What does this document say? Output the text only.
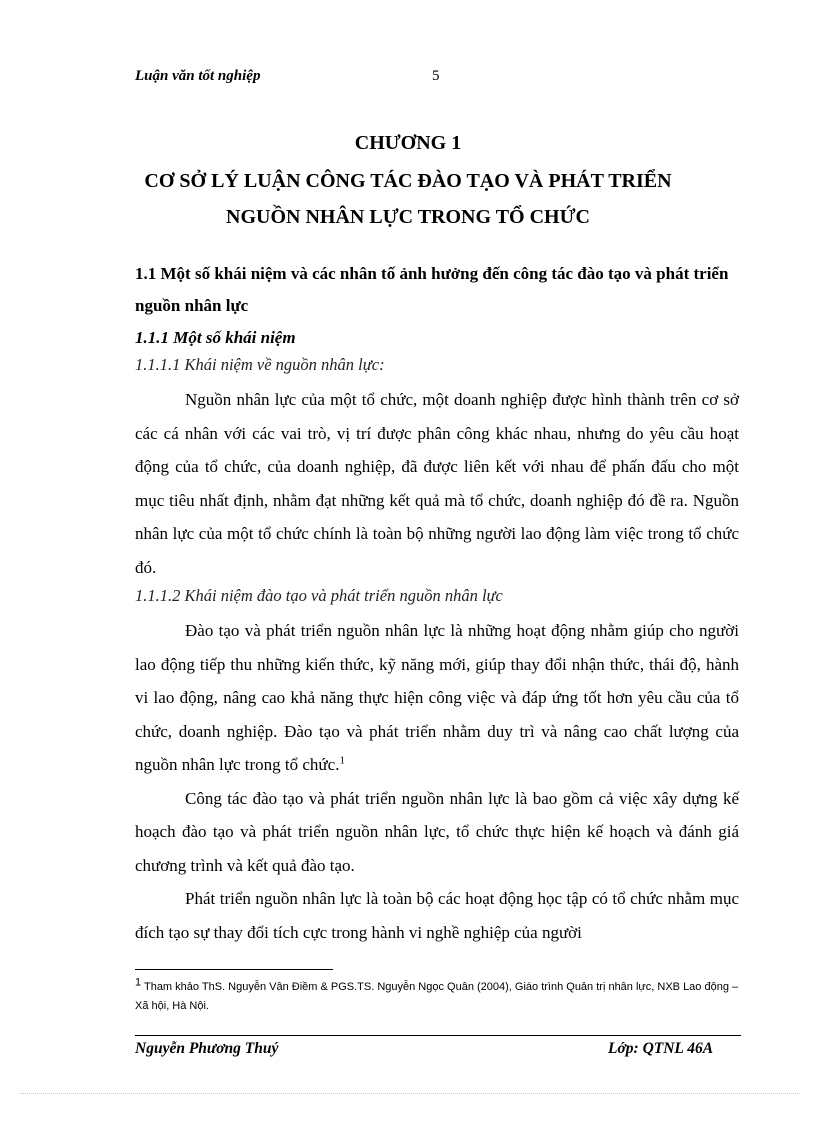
Luận văn tốt nghiệp	5
CHƯƠNG 1
CƠ SỞ LÝ LUẬN CÔNG TÁC ĐÀO TẠO VÀ PHÁT TRIỂN
NGUỒN NHÂN LỰC TRONG TỔ CHỨC
1.1 Một số khái niệm và các nhân tố ảnh hưởng đến công tác đào tạo và phát triển nguồn nhân lực
1.1.1 Một số khái niệm
1.1.1.1 Khái niệm về nguồn nhân lực:

Nguồn nhân lực của một tổ chức, một doanh nghiệp được hình thành trên cơ sở các cá nhân với các vai trò, vị trí được phân công khác nhau, nhưng do yêu cầu hoạt động của tổ chức, của doanh nghiệp, đã được liên kết với nhau để phấn đấu cho một mục tiêu nhất định, nhằm đạt những kết quả mà tổ chức, doanh nghiệp đó đề ra. Nguồn nhân lực của một tổ chức chính là toàn bộ những người lao động làm việc trong tổ chức đó.

1.1.1.2 Khái niệm đào tạo và phát triển nguồn nhân lực

Đào tạo và phát triển nguồn nhân lực là những hoạt động nhằm giúp cho người lao động tiếp thu những kiến thức, kỹ năng mới, giúp thay đổi nhận thức, thái độ, hành vi lao động, nâng cao khả năng thực hiện công việc và đáp ứng tốt hơn yêu cầu của tổ chức, doanh nghiệp. Đào tạo và phát triển nhằm duy trì và nâng cao chất lượng của nguồn nhân lực trong tổ chức.$^1$

Công tác đào tạo và phát triển nguồn nhân lực là bao gồm cả việc xây dựng kế hoạch đào tạo và phát triển nguồn nhân lực, tổ chức thực hiện kế hoạch và đánh giá chương trình và kết quả đào tạo.

Phát triển nguồn nhân lực là toàn bộ các hoạt động học tập có tổ chức nhằm mục đích tạo sự thay đổi tích cực trong hành vi nghề nghiệp của người

$^1$ Tham khảo ThS. Nguyễn Vân Điềm & PGS.TS. Nguyễn Ngọc Quân (2004), Giáo trình Quản trị nhân lực, NXB Lao động – Xã hội, Hà Nội.
Nguyễn Phương Thuý	Lớp: QTNL 46A
